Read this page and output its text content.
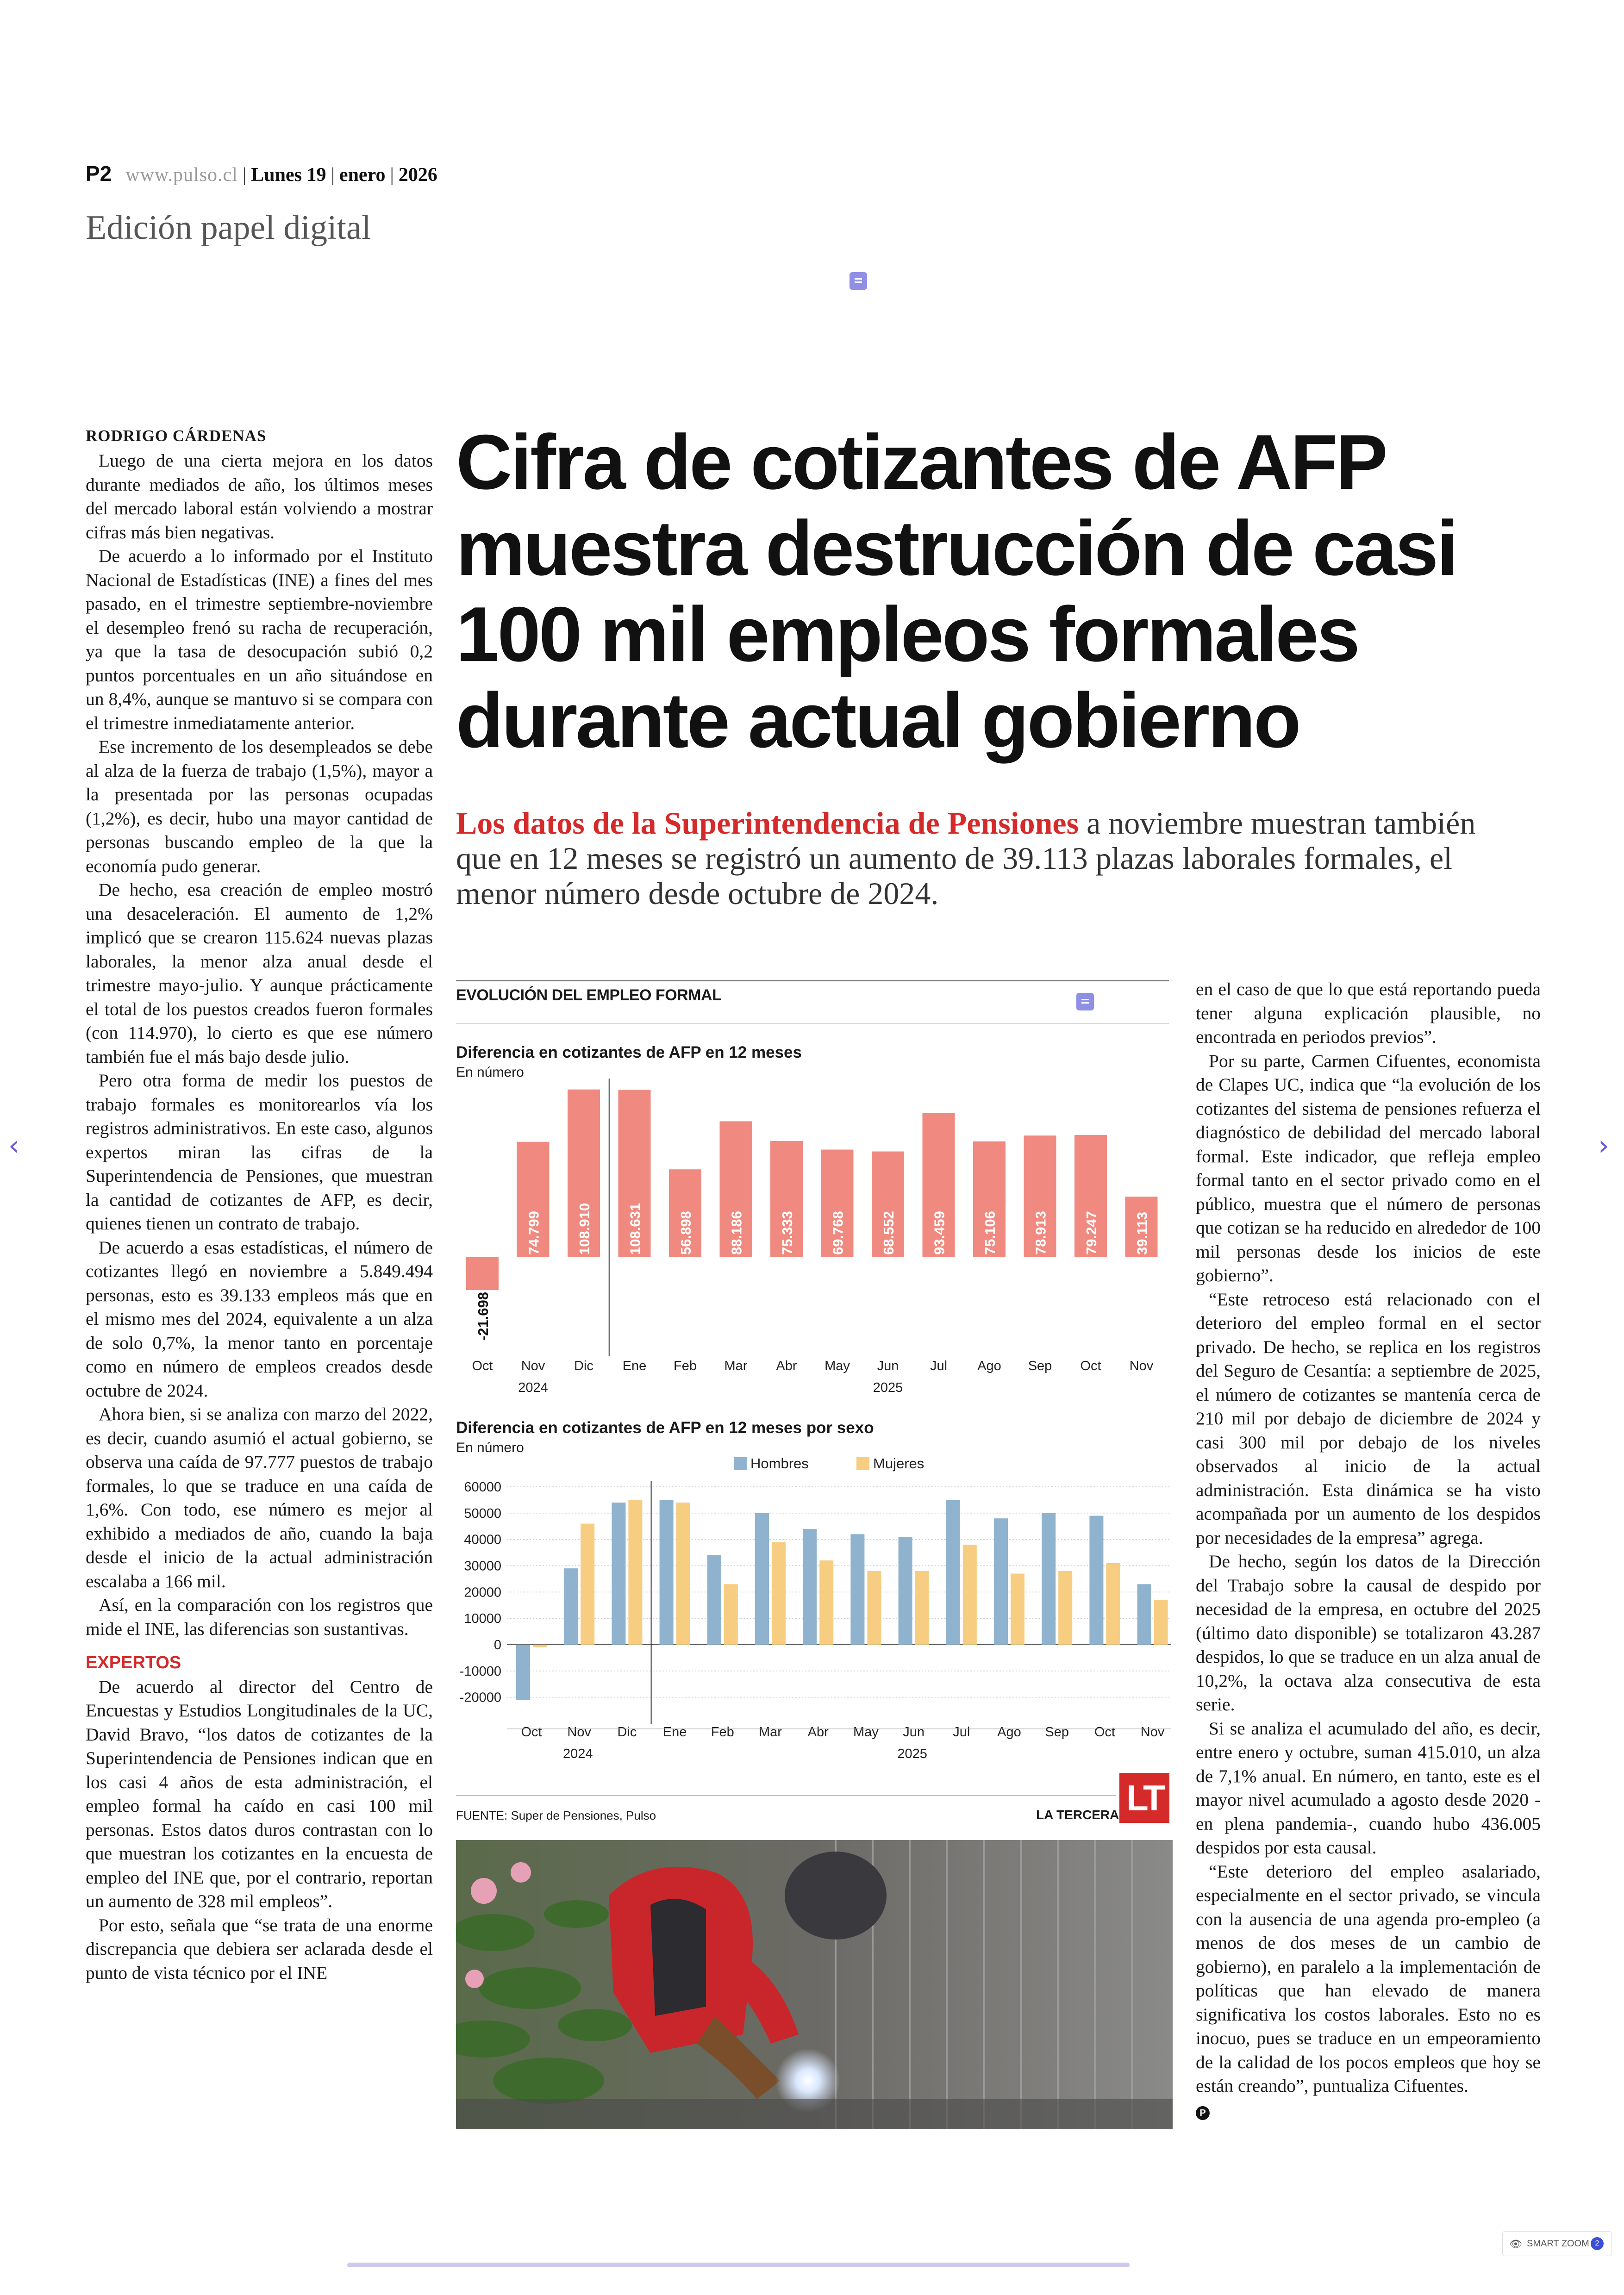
P2 www.pulso.cl | Lunes 19 | enero | 2026
Edición papel digital
RODRIGO CÁRDENAS

Luego de una cierta mejora en los datos durante mediados de año, los últimos meses del mercado laboral están volviendo a mostrar cifras más bien negativas.

De acuerdo a lo informado por el Instituto Nacional de Estadísticas (INE) a fines del mes pasado, en el trimestre septiembre-noviembre el desempleo frenó su racha de recuperación, ya que la tasa de desocupación subió 0,2 puntos porcentuales en un año situándose en un 8,4%, aunque se mantuvo si se compara con el trimestre inmediatamente anterior.

Ese incremento de los desempleados se debe al alza de la fuerza de trabajo (1,5%), mayor a la presentada por las personas ocupadas (1,2%), es decir, hubo una mayor cantidad de personas buscando empleo de la que la economía pudo generar.

De hecho, esa creación de empleo mostró una desaceleración. El aumento de 1,2% implicó que se crearon 115.624 nuevas plazas laborales, la menor alza anual desde el trimestre mayo-julio. Y aunque prácticamente el total de los puestos creados fueron formales (con 114.970), lo cierto es que ese número también fue el más bajo desde julio.

Pero otra forma de medir los puestos de trabajo formales es monitorearlos vía los registros administrativos. En este caso, algunos expertos miran las cifras de la Superintendencia de Pensiones, que muestran la cantidad de cotizantes de AFP, es decir, quienes tienen un contrato de trabajo.

De acuerdo a esas estadísticas, el número de cotizantes llegó en noviembre a 5.849.494 personas, esto es 39.133 empleos más que en el mismo mes del 2024, equivalente a un alza de solo 0,7%, la menor tanto en porcentaje como en número de empleos creados desde octubre de 2024.

Ahora bien, si se analiza con marzo del 2022, es decir, cuando asumió el actual gobierno, se observa una caída de 97.777 puestos de trabajo formales, lo que se traduce en una caída de 1,6%. Con todo, ese número es mejor al exhibido a mediados de año, cuando la baja desde el inicio de la actual administración escalaba a 166 mil.

Así, en la comparación con los registros que mide el INE, las diferencias son sustantivas.

EXPERTOS

De acuerdo al director del Centro de Encuestas y Estudios Longitudinales de la UC, David Bravo, “los datos de cotizantes de la Superintendencia de Pensiones indican que en los casi 4 años de esta administración, el empleo formal ha caído en casi 100 mil personas. Estos datos duros contrastan con lo que muestran los cotizantes en la encuesta de empleo del INE que, por el contrario, reportan un aumento de 328 mil empleos”.

Por esto, señala que “se trata de una enorme discrepancia que debiera ser aclarada desde el punto de vista técnico por el INE

Cifra de cotizantes de AFP muestra destrucción de casi 100 mil empleos formales durante actual gobierno
Los datos de la Superintendencia de Pensiones a noviembre muestran también que en 12 meses se registró un aumento de 39.113 plazas laborales formales, el menor número desde octubre de 2024.
EVOLUCIÓN DEL EMPLEO FORMAL
Diferencia en cotizantes de AFP en 12 meses
En número
-21.698
Oct
74.799
Nov
108.910
Dic
108.631
Ene
56.898
Feb
88.186
Mar
75.333
Abr
69.768
May
68.552
Jun
93.459
Jul
75.106
Ago
78.913
Sep
79.247
Oct
39.113
Nov
2024	2025
Diferencia en cotizantes de AFP en 12 meses por sexo
En número
Hombres	Mujeres
60000
50000
40000
30000
20000
10000
0
-10000
-20000
Oct Nov Dic Ene Feb Mar Abr May Jun Jul Ago Sep Oct Nov
2024	2025
FUENTE: Super de Pensiones, Pulso	LA TERCERA LT

en el caso de que lo que está reportando pueda tener alguna explicación plausible, no encontrada en periodos previos”.

Por su parte, Carmen Cifuentes, economista de Clapes UC, indica que “la evolución de los cotizantes del sistema de pensiones refuerza el diagnóstico de debilidad del mercado laboral formal. Este indicador, que refleja empleo formal tanto en el sector privado como en el público, muestra que el número de personas que cotizan se ha reducido en alrededor de 100 mil personas desde los inicios de este gobierno”.

“Este retroceso está relacionado con el deterioro del empleo formal en el sector privado. De hecho, se replica en los registros del Seguro de Cesantía: a septiembre de 2025, el número de cotizantes se mantenía cerca de 210 mil por debajo de diciembre de 2024 y casi 300 mil por debajo de los niveles observados al inicio de la actual administración. Esta dinámica se ha visto acompañada por un aumento de los despidos por necesidades de la empresa” agrega.

De hecho, según los datos de la Dirección del Trabajo sobre la causal de despido por necesidad de la empresa, en octubre del 2025 (último dato disponible) se totalizaron 43.287 despidos, lo que se traduce en un alza anual de 10,2%, la octava alza consecutiva de esta serie.

Si se analiza el acumulado del año, es decir, entre enero y octubre, suman 415.010, un alza de 7,1% anual. En número, en tanto, este es el mayor nivel acumulado a agosto desde 2020 -en plena pandemia-, cuando hubo 436.005 despidos por esta causal.

“Este deterioro del empleo asalariado, especialmente en el sector privado, se vincula con la ausencia de una agenda pro-empleo (a menos de dos meses de un cambio de gobierno), en paralelo a la implementación de políticas que han elevado de manera significativa los costos laborales. Esto no es inocuo, pues se traduce en un empeoramiento de la calidad de los pocos empleos que hoy se están creando”, puntualiza Cifuentes.

P
‹	›
👁 SMART ZOOM 2
